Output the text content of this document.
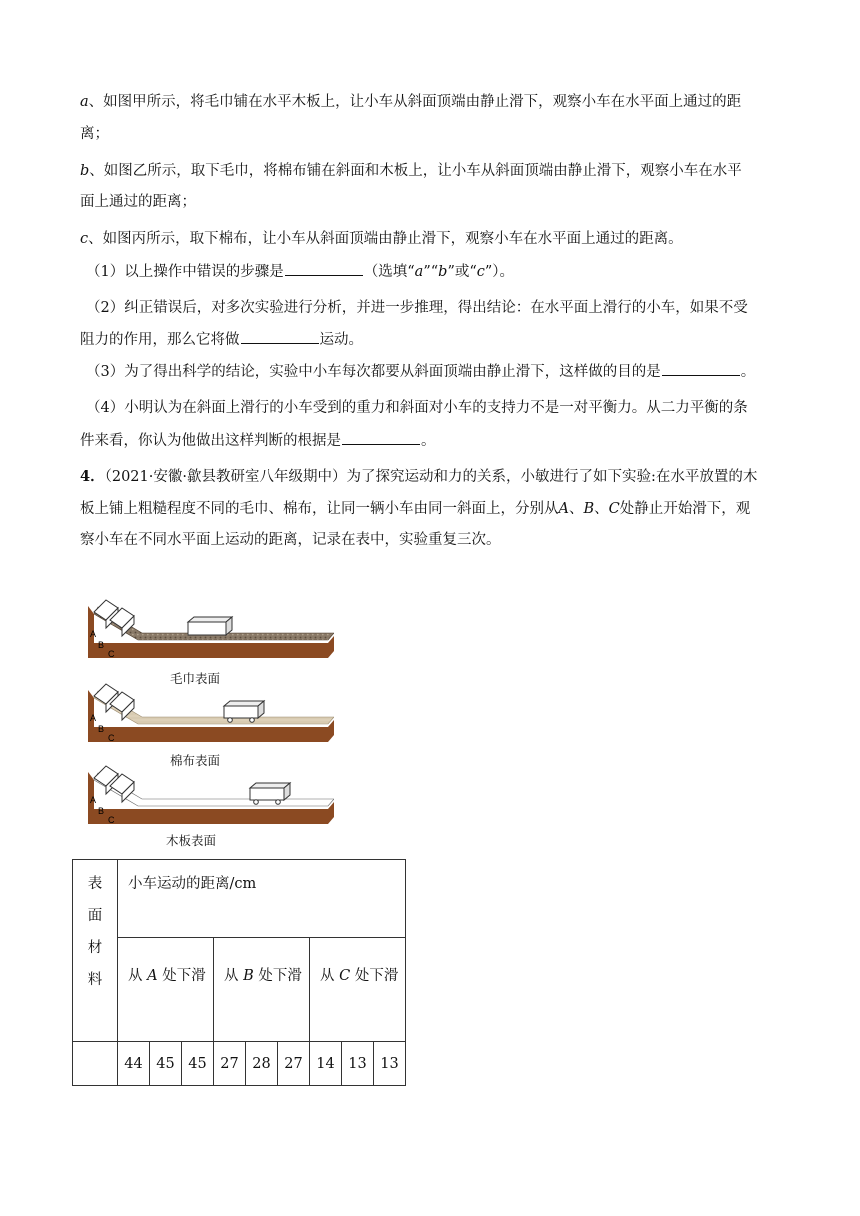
a、如图甲所示，将毛巾铺在水平木板上，让小车从斜面顶端由静止滑下，观察小车在水平面上通过的距
离；
b、如图乙所示，取下毛巾，将棉布铺在斜面和木板上，让小车从斜面顶端由静止滑下，观察小车在水平
面上通过的距离；
c、如图丙所示，取下棉布，让小车从斜面顶端由静止滑下，观察小车在水平面上通过的距离。
（1）以上操作中错误的步骤是	（选填“a”“b”或“c”）。
（2）纠正错误后，对多次实验进行分析，并进一步推理，得出结论：在水平面上滑行的小车，如果不受
阻力的作用，那么它将做	运动。
（3）为了得出科学的结论，实验中小车每次都要从斜面顶端由静止滑下，这样做的目的是	。
（4）小明认为在斜面上滑行的小车受到的重力和斜面对小车的支持力不是一对平衡力。从二力平衡的条
件来看，你认为他做出这样判断的根据是	。
4．（2021·安徽·歙县教研室八年级期中）为了探究运动和力的关系，小敏进行了如下实验:在水平放置的木
板上铺上粗糙程度不同的毛巾、棉布，让同一辆小车由同一斜面上，分别从A、B、C处静止开始滑下，观
察小车在不同水平面上运动的距离，记录在表中，实验重复三次。
A
B
C
毛巾表面
A
B
C
棉布表面
A
B
C
木板表面
表
面
材
料	小车运动的距离/cm								
	从 A 处下滑			从 B 处下滑			从 C 处下滑		
	44	45	45	27	28	27	14	13	13
